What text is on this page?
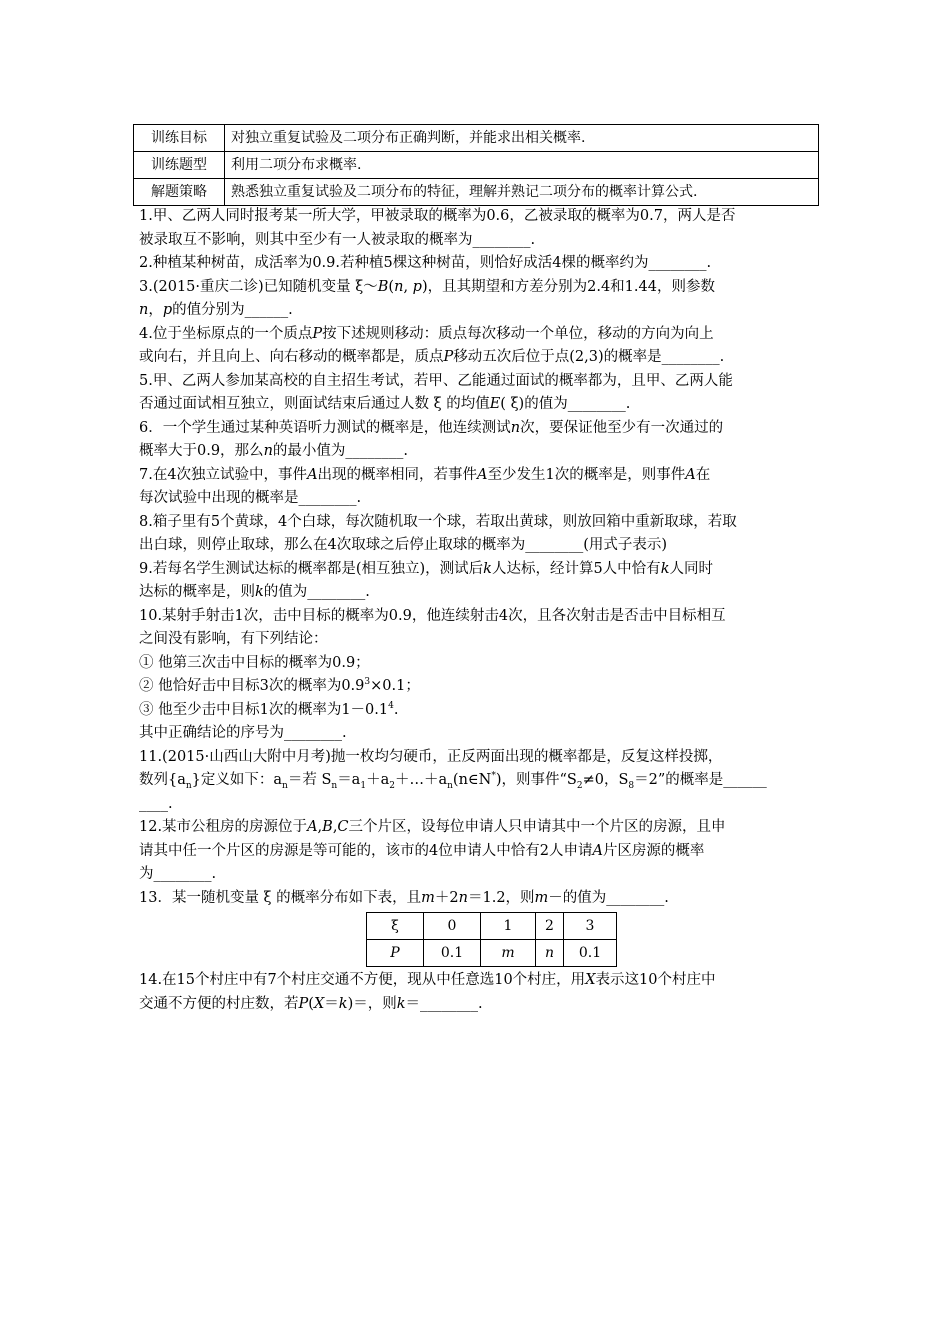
训练目标	对独立重复试验及二项分布正确判断，并能求出相关概率.
训练题型	利用二项分布求概率.
解题策略	熟悉独立重复试验及二项分布的特征，理解并熟记二项分布的概率计算公式.

1.甲、乙两人同时报考某一所大学，甲被录取的概率为0.6，乙被录取的概率为0.7，两人是否

被录取互不影响，则其中至少有一人被录取的概率为________.

2.种植某种树苗，成活率为0.9.若种植5棵这种树苗，则恰好成活4棵的概率约为________.

3.(2015·重庆二诊)已知随机变量 ξ～B(n, p)，且其期望和方差分别为2.4和1.44，则参数

n，p的值分别为______.

4.位于坐标原点的一个质点P按下述规则移动：质点每次移动一个单位，移动的方向为向上

或向右，并且向上、向右移动的概率都是，质点P移动五次后位于点(2,3)的概率是________.

5.甲、乙两人参加某高校的自主招生考试，若甲、乙能通过面试的概率都为，且甲、乙两人能

否通过面试相互独立，则面试结束后通过人数 ξ 的均值E( ξ)的值为________.

6．一个学生通过某种英语听力测试的概率是，他连续测试n次，要保证他至少有一次通过的

概率大于0.9，那么n的最小值为________.

7.在4次独立试验中，事件A出现的概率相同，若事件A至少发生1次的概率是，则事件A在

每次试验中出现的概率是________.

8.箱子里有5个黄球，4个白球，每次随机取一个球，若取出黄球，则放回箱中重新取球，若取

出白球，则停止取球，那么在4次取球之后停止取球的概率为________(用式子表示)

9.若每名学生测试达标的概率都是(相互独立)，测试后k人达标，经计算5人中恰有k人同时

达标的概率是，则k的值为________.

10.某射手射击1次，击中目标的概率为0.9，他连续射击4次，且各次射击是否击中目标相互

之间没有影响，有下列结论：

① 他第三次击中目标的概率为0.9；

② 他恰好击中目标3次的概率为$0.9^3\times 0.1$；

③ 他至少击中目标1次的概率为$1-0.1^4$.

其中正确结论的序号为________.

11.(2015·山西山大附中月考)抛一枚均匀硬币，正反两面出现的概率都是，反复这样投掷，

数列$\{a_n\}$定义如下：$a_n=$若 $S_n=a_1+a_2+\dots+a_n(n\in N^*)$，则事件“$S_2\ne 0$，$S_8=2$”的概率是______

____.

12.某市公租房的房源位于A,B,C三个片区，设每位申请人只申请其中一个片区的房源，且申

请其中任一个片区的房源是等可能的，该市的4位申请人中恰有2人申请A片区房源的概率

为________.

13．某一随机变量 ξ 的概率分布如下表，且m＋2n＝1.2，则m－的值为________.

ξ	0	1	2	3
P	0.1	m	n	0.1

14.在15个村庄中有7个村庄交通不方便，现从中任意选10个村庄，用X表示这10个村庄中

交通不方便的村庄数，若P(X＝k)＝，则k＝________.
